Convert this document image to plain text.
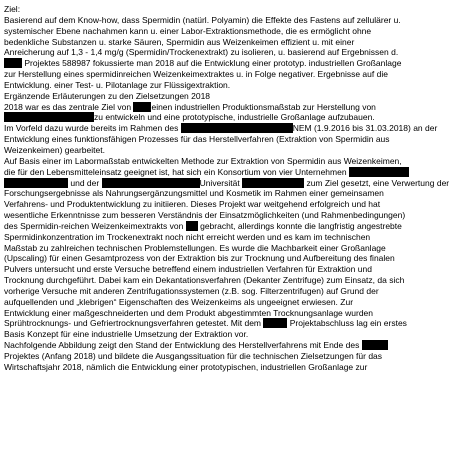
Ziel:
Basierend auf dem Know-how, dass Spermidin (natürl. Polyamin) die Effekte des Fastens auf zellulärer u.
systemischer Ebene nachahmen kann u. einer Labor-Extraktionsmethode, die es ermöglicht ohne
bedenkliche Substanzen u. starke Säuren, Spermidin aus Weizenkeimen effizient u. mit einer
Anreicherung auf 1,3 - 1,4 mg/g (Spermidin/Trockenextrakt) zu isolieren, u. basierend auf Ergebnissen d.
Projektes 588987 fokussierte man 2018 auf die Entwicklung einer prototyp. industriellen Großanlage
zur Herstellung eines spermidinreichen Weizenkeimextraktes u. in Folge negativer. Ergebnisse auf die
Entwicklung. einer Test- u. Pilotanlage zur Flüssigextraktion.
Ergänzende Erläuterungen zu den Zielsetzungen 2018
2018 war es das zentrale Ziel von einen industriellen Produktionsmaßstab zur Herstellung von
zu entwickeln und eine prototypische, industrielle Großanlage aufzubauen.
Im Vorfeld dazu wurde bereits im Rahmen des	NEM (1.9.2016 bis 31.03.2018) an der
Entwicklung eines funktionsfähigen Prozesses für das Herstellverfahren (Extraktion von Spermidin aus
Weizenkeimen) gearbeitet.
Auf Basis einer im Labormaßstab entwickelten Methode zur Extraktion von Spermidin aus Weizenkeimen,
die für den Lebensmitteleinsatz geeignet ist, hat sich ein Konsortium von vier Unternehmen
und der	Universität	zum Ziel gesetzt, eine Verwertung der
Forschungsergebnisse als Nahrungsergänzungsmittel und Kosmetik im Rahmen einer gemeinsamen
Verfahrens- und Produktentwicklung zu initiieren. Dieses Projekt war weitgehend erfolgreich und hat
wesentliche Erkenntnisse zum besseren Verständnis der Einsatzmöglichkeiten (und Rahmenbedingungen)
des Spermidin-reichen Weizenkeimextrakts von  gebracht, allerdings konnte die langfristig angestrebte
Spermidinkonzentration im Trockenextrakt noch nicht erreicht werden und es kam im technischen
Maßstab zu zahlreichen technischen Problemstellungen. Es wurde die Machbarkeit einer Großanlage
(Upscaling) für einen Gesamtprozess von der Extraktion bis zur Trocknung und Aufbereitung des finalen
Pulvers untersucht und erste Versuche betreffend einem industriellen Verfahren für Extraktion und
Trocknung durchgeführt. Dabei kam ein Dekantationsverfahren (Dekanter Zentrifuge) zum Einsatz, da sich
vorherige Versuche mit anderen Zentrifugationssystemen (z.B. sog. Filterzentrifugen) auf Grund der
aufquellenden und „klebrigen“ Eigenschaften des Weizenkeims als ungeeignet erwiesen. Zur
Entwicklung einer maßgeschneiderten und dem Produkt abgestimmten Trocknungsanlage wurden
Sprühtrocknungs- und Gefriertrocknungsverfahren getestet. Mit dem	Projektabschluss lag ein erstes
Basis Konzept für eine industrielle Umsetzung der Extraktion vor.
Nachfolgende Abbildung zeigt den Stand der Entwicklung des Herstellverfahrens mit Ende des
Projektes (Anfang 2018) und bildete die Ausgangssituation für die technischen Zielsetzungen für das
Wirtschaftsjahr 2018, nämlich die Entwicklung einer prototypischen, industriellen Großanlage zur
